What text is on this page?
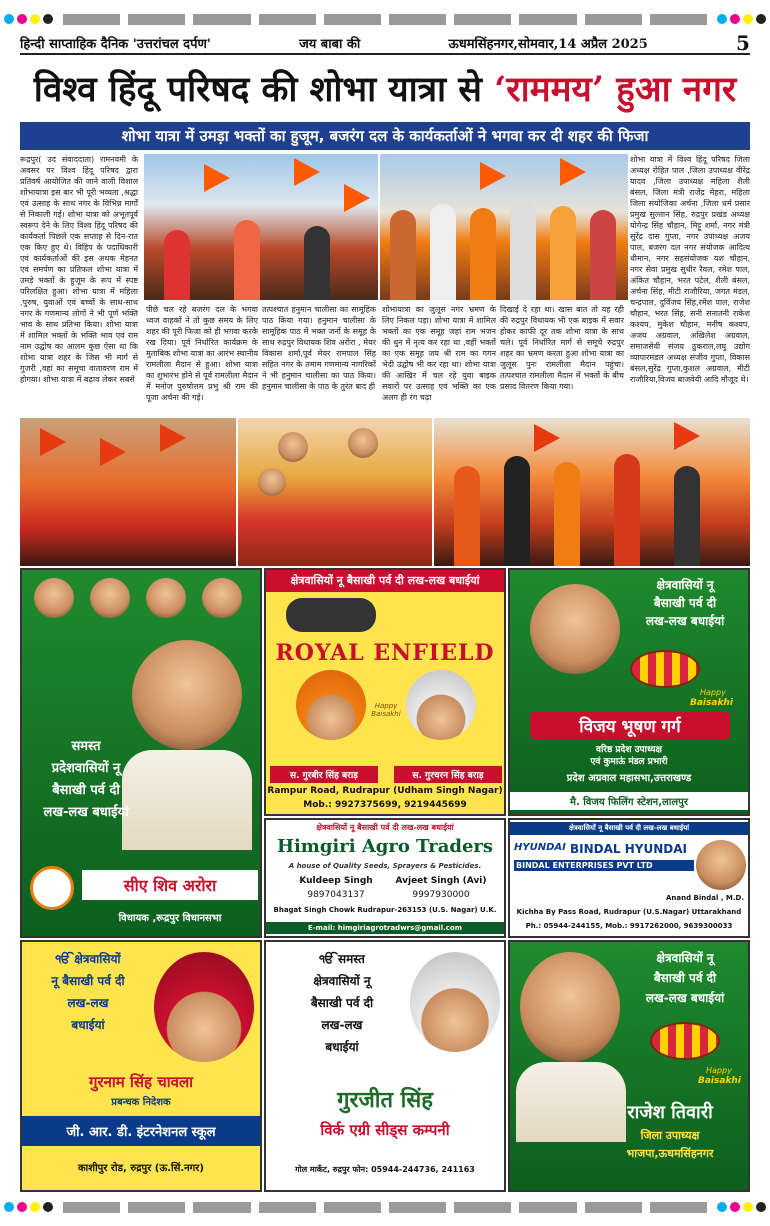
हिन्दी साप्ताहिक दैनिक 'उत्तरांचल दर्पण'	जय बाबा की	ऊधमसिंहनगर,सोमवार,14 अप्रैल 2025	5
विश्व हिंदू परिषद की शोभा यात्रा से ‘राममय’ हुआ नगर
शोभा यात्रा में उमड़ा भक्तों का हुजूम, बजरंग दल के कार्यकर्ताओं ने भगवा कर दी शहर की फिजा
रूद्रपुर( उद संवाददाता) रामनवमी के अवसर पर विश्व हिंदू परिषद द्वारा प्रतिवर्ष आयोजित की जाने वाली विशाल शोभायात्रा इस बार भी पूरी भव्यता ,श्रद्धा एवं उत्साह के साथ नगर के विभिन्न मार्गों से निकाली गई। शोभा यात्रा को अभूतपूर्व स्वरूप देने के लिए विश्व हिंदू परिषद की कार्यकर्ता पिछले एक सप्ताह से दिन-रात एक किए हुए थे। विहिप के पदाधिकारी एवं कार्यकर्ताओं की इस अथक मेहनत एवं समर्पण का प्रतिफल शोभा यात्रा में उमड़े भक्तों के हुजूम के रूप में स्पष्ट परिलक्षित हुआ। शोभा यात्रा में महिला ,पुरुष, युवाओं एवं बच्चों के साथ-साथ नगर के गणमान्य लोगों ने भी पूर्ण भक्ति भाव के साथ प्रतिभा किया। शोभा यात्रा में शामिल भक्तों के भक्ति भाव एवं राम नाम उद्घोष का आलम कुछ ऐसा था कि शोभा यात्रा शहर के जिस भी मार्ग से गुजरी ,वहां का समूचा वातावरण राम में होगया। शोभा यात्रा में बढ़ाव लेकर सबसे
पीछे चल रहे बजरंग दल के भगवा ध्वज वाहकों ने तो कुछ समय के लिए शहर की पूरी फिजा को ही भगवा करके रख दिया। पूर्व निर्धारित कार्यक्रम के मुताबिक शोभा यात्रा का आरंभ स्थानीय रामलीला मैदान से हुआ। शोभा यात्रा का शुभारंभ होने से पूर्व रामलीला मैदान में मनोज पुरुषोत्तम प्रभु श्री राम की पूजा अर्चना की गई।
तत्पश्चात हनुमान चालीसा का सामूहिक पाठ किया गया। हनुमान चालीसा के सामूहिक पाठ में भक्त जनों के समूह के साथ रुद्रपुर विधायक शिव अरोरा , मेयर विकास शर्मा,पूर्व मेयर रामपाल सिंह सहित नगर के तमाम गणमान्य नागरिकों ने भी हनुमान चालीसा का पाठ किया। हनुमान चालीसा के पाठ के तुरंत बाद ही
शोभायात्रा का जुलूस नगर भ्रमण के लिए निकल पड़ा। शोभा यात्रा में शामिल भक्तों का एक समूह जहां राम भजन की धुन में नृत्य कर रहा था ,वहीं भक्तों का एक समूह जय श्री राम का गगन भेदी उद्घोष भी कर रहा था। शोभा यात्रा की आखिर में चल रहे युवा बाइक सवारों पर उत्साह एवं भक्ति का एक अलग ही रंग चढ़ा
दिखाई दे रहा था। खास बात तो यह रही की रुद्रपुर विधायक भी एक बाइक में सवार होकर काफी दूर तक शोभा यात्रा के साथ चले। पूर्व निर्धारित मार्ग से समूचे रुद्रपुर शहर का भ्रमण करता हुआ शोभा यात्रा का जुलूस पुनः रामलीला मैदान पहुंचा। तत्पश्चात रामलीला मैदान में भक्तों के बीच प्रसाद वितरण किया गया।
शोभा यात्रा में विश्व हिंदू परिषद जिला अध्यक्ष रोहित पाल ,जिला उपाध्यक्ष वीरेंद्र यादव ,जिला उपाध्यक्ष महिला शैली बंसल, जिला मंत्री राजेंद्र मेहरा, महिला जिला संयोजिका अर्चना ,जिला धर्म प्रसार प्रमुख सुल्तान सिंह, रुद्रपुर प्रखंड अध्यक्ष योगेन्द्र सिंह चौहान, मिट्टू शर्मा, नगर मंत्री सुरेंद्र दास गुप्ता, नगर उपाध्यक्ष अजय पाल, बजरंग दल नगर संयोजक आदित्य धीमान, नगर सहसंयोजक यश चौहान, नगर सेवा प्रमुख सुधीर रैवल, रमेश पाल, अंकित चौहान, भरत पटेल, शैली बंसल, अर्चना सिंह, मीटी राजौरिया, जगत मंडल, चन्द्रपाल, दुर्विजय सिंह,रमेश पाल, राजेश चौहान, भरत सिंह, सनी सनातनी राकेश कश्यप, मुकेश चौहान, मनीष कश्यप, अजय अग्रवाल, अखिलेश अग्रवाल, समाजसेवी संजय ठुकराल,लघु उद्योग व्यापारमंडल अध्यक्ष संजीव गुप्ता, विकास बंसल,सुरेंद्र गुप्ता,कुशल अग्रवाल, मीटी राजौरिया,विजय बाजवेयी आदि मौजूद थे।
समस्त
प्रदेशवासियों नू
बैसाखी पर्व दी
लख-लख बधाईयां
सीए शिव अरोरा
विधायक ,रूद्रपुर विधानसभा
क्षेत्रवासियों नू बैसाखी पर्व दी लख-लख बधाईयां
ROYAL ENFIELD
Happy Baisakhi
स. गुरबीर सिंह बराड़	स. गुरचरन सिंह बराड़
Rampur Road, Rudrapur (Udham Singh Nagar)
Mob.: 9927375699, 9219445699
क्षेत्रवासियों नू
बैसाखी पर्व दी
लख-लख बधाईयां
Happy
Baisakhi
विजय भूषण गर्ग
वरिष्ठ प्रदेश उपाध्यक्ष
एवं कुमाऊं मंडल प्रभारी
प्रदेश अग्रवाल महासभा,उत्तराखण्ड
मै. विजय फिलिंग स्टेशन,लालपुर
क्षेत्रवासियों नू बैसाखी पर्व दी लख-लख बधाईयां
Himgiri Agro Traders
A house of Quality Seeds, Sprayers & Pesticides.
Kuldeep Singh	Avjeet Singh (Avi)
9897043137	9997930000
Bhagat Singh Chowk Rudrapur-263153 (U.S. Nagar) U.K.
E-mail: himgiriagrotradwrs@gmail.com
क्षेत्रवासियों नू बैसाखी पर्व दी लख-लख बधाईयां
HYUNDAI BINDAL HYUNDAI
BINDAL ENTERPRISES PVT LTD
Anand Bindal , M.D.
Kichha By Pass Road, Rudrapur (U.S.Nagar) Uttarakhand
Ph.: 05944-244155, Mob.: 9917262000, 9639300033
ੴ क्षेत्रवासियों
नू बैसाखी पर्व दी
लख-लख
बधाईयां
गुरनाम सिंह चावला
प्रबन्धक निदेशक
जी. आर. डी. इंटरनेशनल स्कूल
काशीपुर रोड, रुद्रपुर (ऊ.सिं.नगर)
ੴ समस्त
क्षेत्रवासियों नू
बैसाखी पर्व दी
लख-लख
बधाईयां
गुरजीत सिंह
विर्क एग्री सीड्स कम्पनी
गोल मार्केट, रुद्रपुर फोन: 05944-244736, 241163
क्षेत्रवासियों नू
बैसाखी पर्व दी
लख-लख बधाईयां
Happy
Baisakhi
राजेश तिवारी
जिला उपाध्यक्ष
भाजपा,ऊधमसिंहनगर
